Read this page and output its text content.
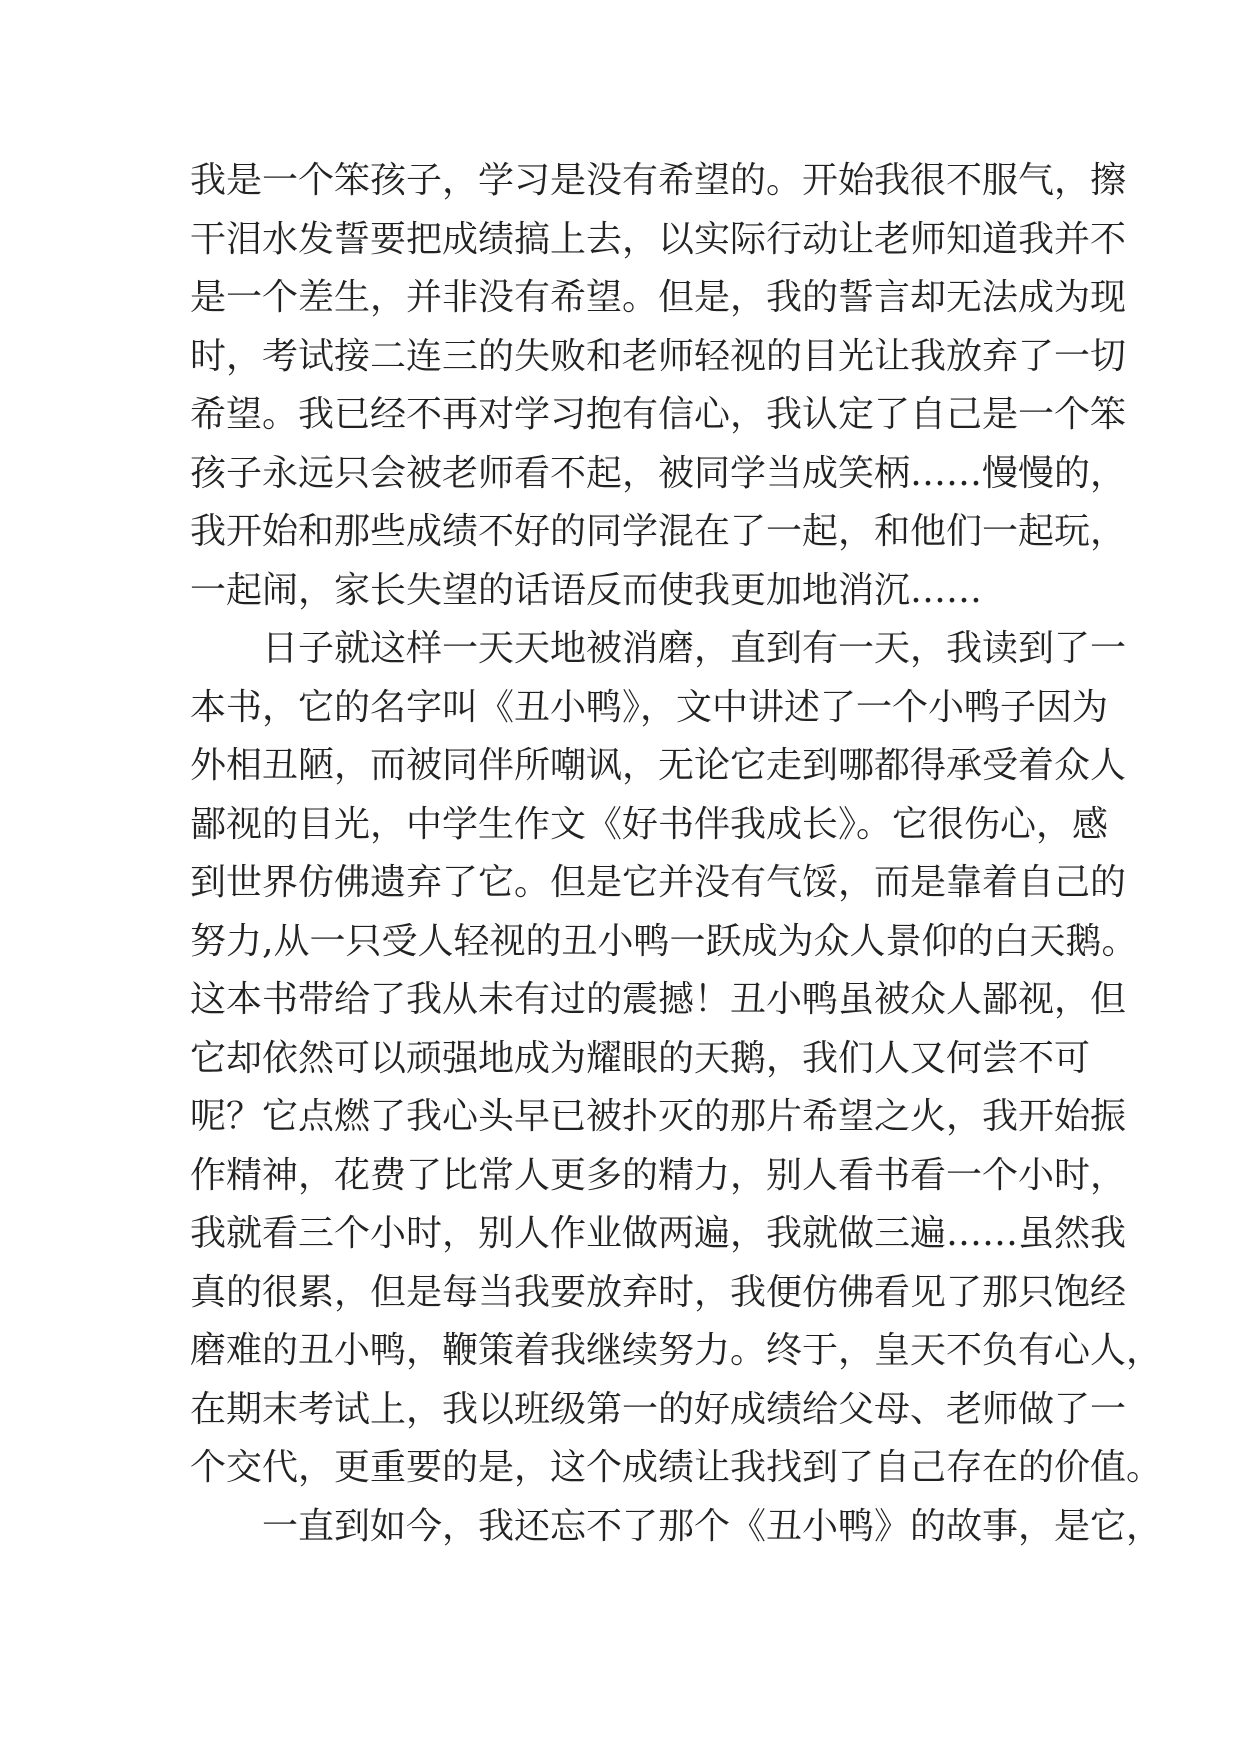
我是一个笨孩子，学习是没有希望的。开始我很不服气，擦
干泪水发誓要把成绩搞上去，以实际行动让老师知道我并不
是一个差生，并非没有希望。但是，我的誓言却无法成为现
时，考试接二连三的失败和老师轻视的目光让我放弃了一切
希望。我已经不再对学习抱有信心，我认定了自己是一个笨
孩子永远只会被老师看不起，被同学当成笑柄……慢慢的，
我开始和那些成绩不好的同学混在了一起，和他们一起玩，
一起闹，家长失望的话语反而使我更加地消沉……
日子就这样一天天地被消磨，直到有一天，我读到了一
本书，它的名字叫《丑小鸭》，文中讲述了一个小鸭子因为
外相丑陋，而被同伴所嘲讽，无论它走到哪都得承受着众人
鄙视的目光，中学生作文《好书伴我成长》。它很伤心，感
到世界仿佛遗弃了它。但是它并没有气馁，而是靠着自己的
努力,从一只受人轻视的丑小鸭一跃成为众人景仰的白天鹅。
这本书带给了我从未有过的震撼！丑小鸭虽被众人鄙视，但
它却依然可以顽强地成为耀眼的天鹅，我们人又何尝不可
呢？它点燃了我心头早已被扑灭的那片希望之火，我开始振
作精神，花费了比常人更多的精力，别人看书看一个小时，
我就看三个小时，别人作业做两遍，我就做三遍……虽然我
真的很累，但是每当我要放弃时，我便仿佛看见了那只饱经
磨难的丑小鸭，鞭策着我继续努力。终于，皇天不负有心人，
在期末考试上，我以班级第一的好成绩给父母、老师做了一
个交代，更重要的是，这个成绩让我找到了自己存在的价值。
一直到如今，我还忘不了那个《丑小鸭》的故事，是它，
